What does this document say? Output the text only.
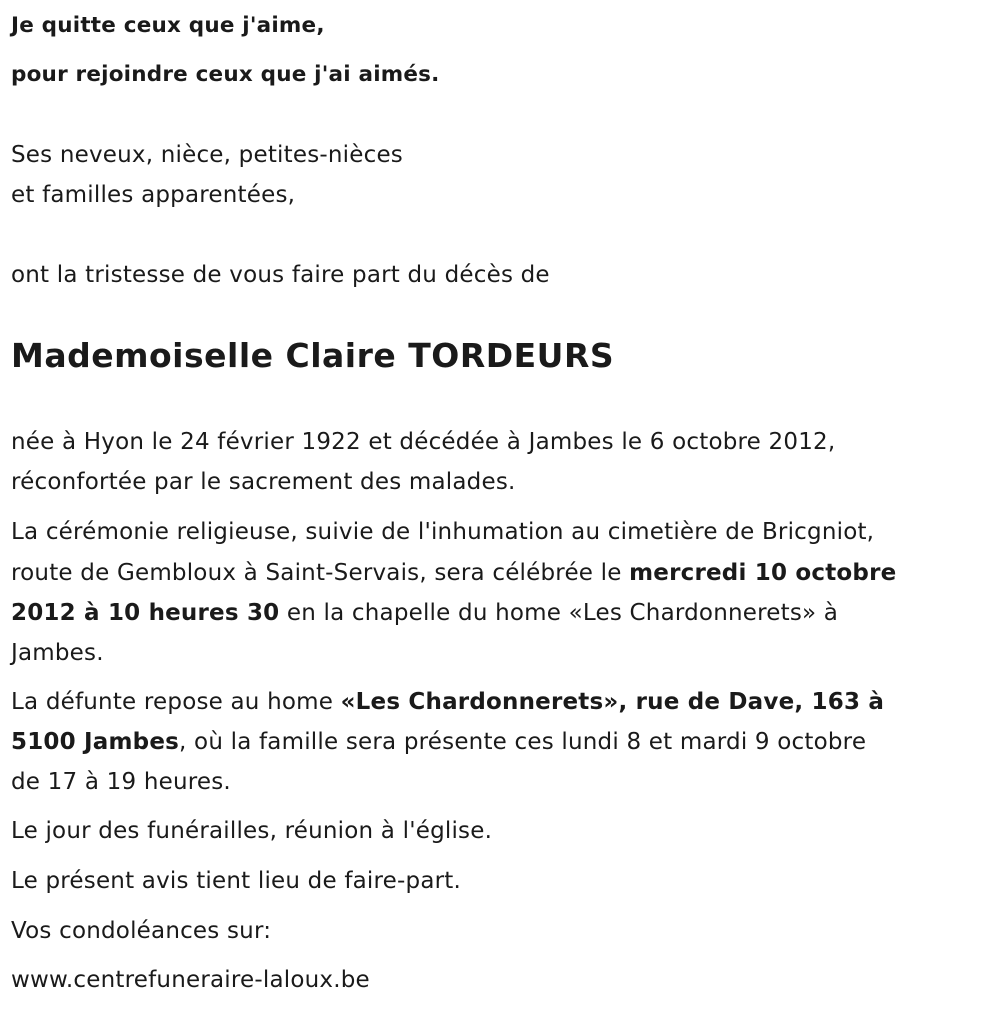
Je quitte ceux que j'aime,
pour rejoindre ceux que j'ai aimés.
Ses neveux, nièce, petites-nièces
et familles apparentées,
ont la tristesse de vous faire part du décès de
Mademoiselle Claire TORDEURS
née à Hyon le 24 février 1922 et décédée à Jambes le 6 octobre 2012,
réconfortée par le sacrement des malades.
La cérémonie religieuse, suivie de l'inhumation au cimetière de Bricgniot,
route de Gembloux à Saint-Servais, sera célébrée le mercredi 10 octobre
2012 à 10 heures 30 en la chapelle du home «Les Chardonnerets» à
Jambes.
La défunte repose au home «Les Chardonnerets», rue de Dave, 163 à
5100 Jambes, où la famille sera présente ces lundi 8 et mardi 9 octobre
de 17 à 19 heures.
Le jour des funérailles, réunion à l'église.
Le présent avis tient lieu de faire-part.
Vos condoléances sur:
www.centrefuneraire-laloux.be
